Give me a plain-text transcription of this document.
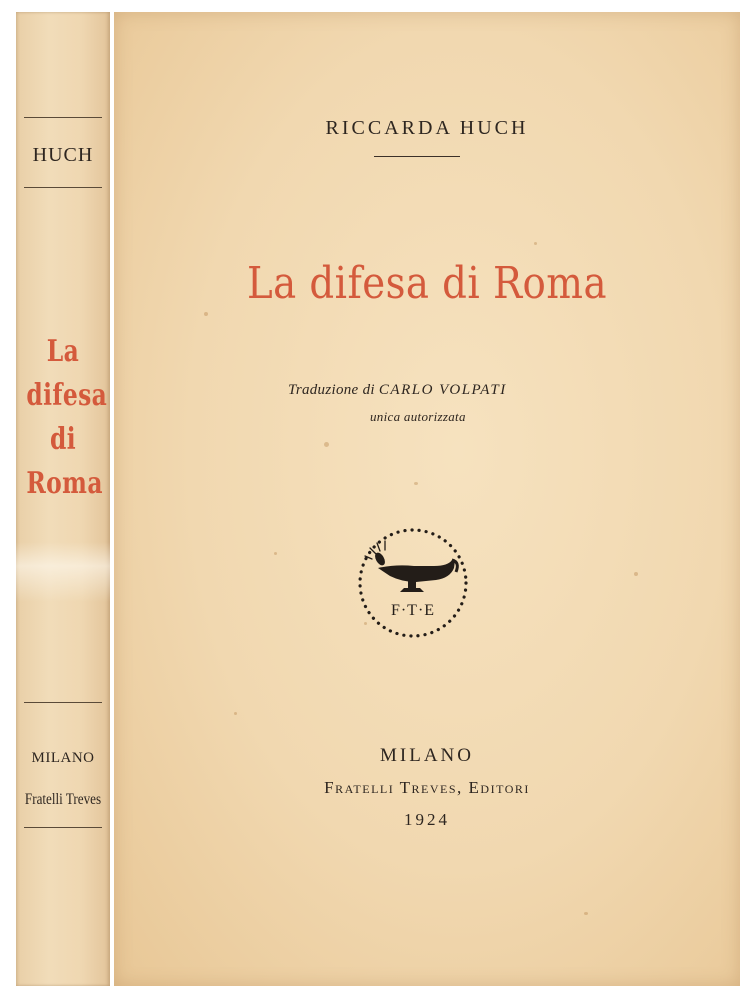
HUCH
La
difesa
di
Roma
MILANO
Fratelli Treves
RICCARDA HUCH
La difesa di Roma
Traduzione di CARLO VOLPATI
unica autorizzata
F·T·E
MILANO
Fratelli Treves, Editori
1924
